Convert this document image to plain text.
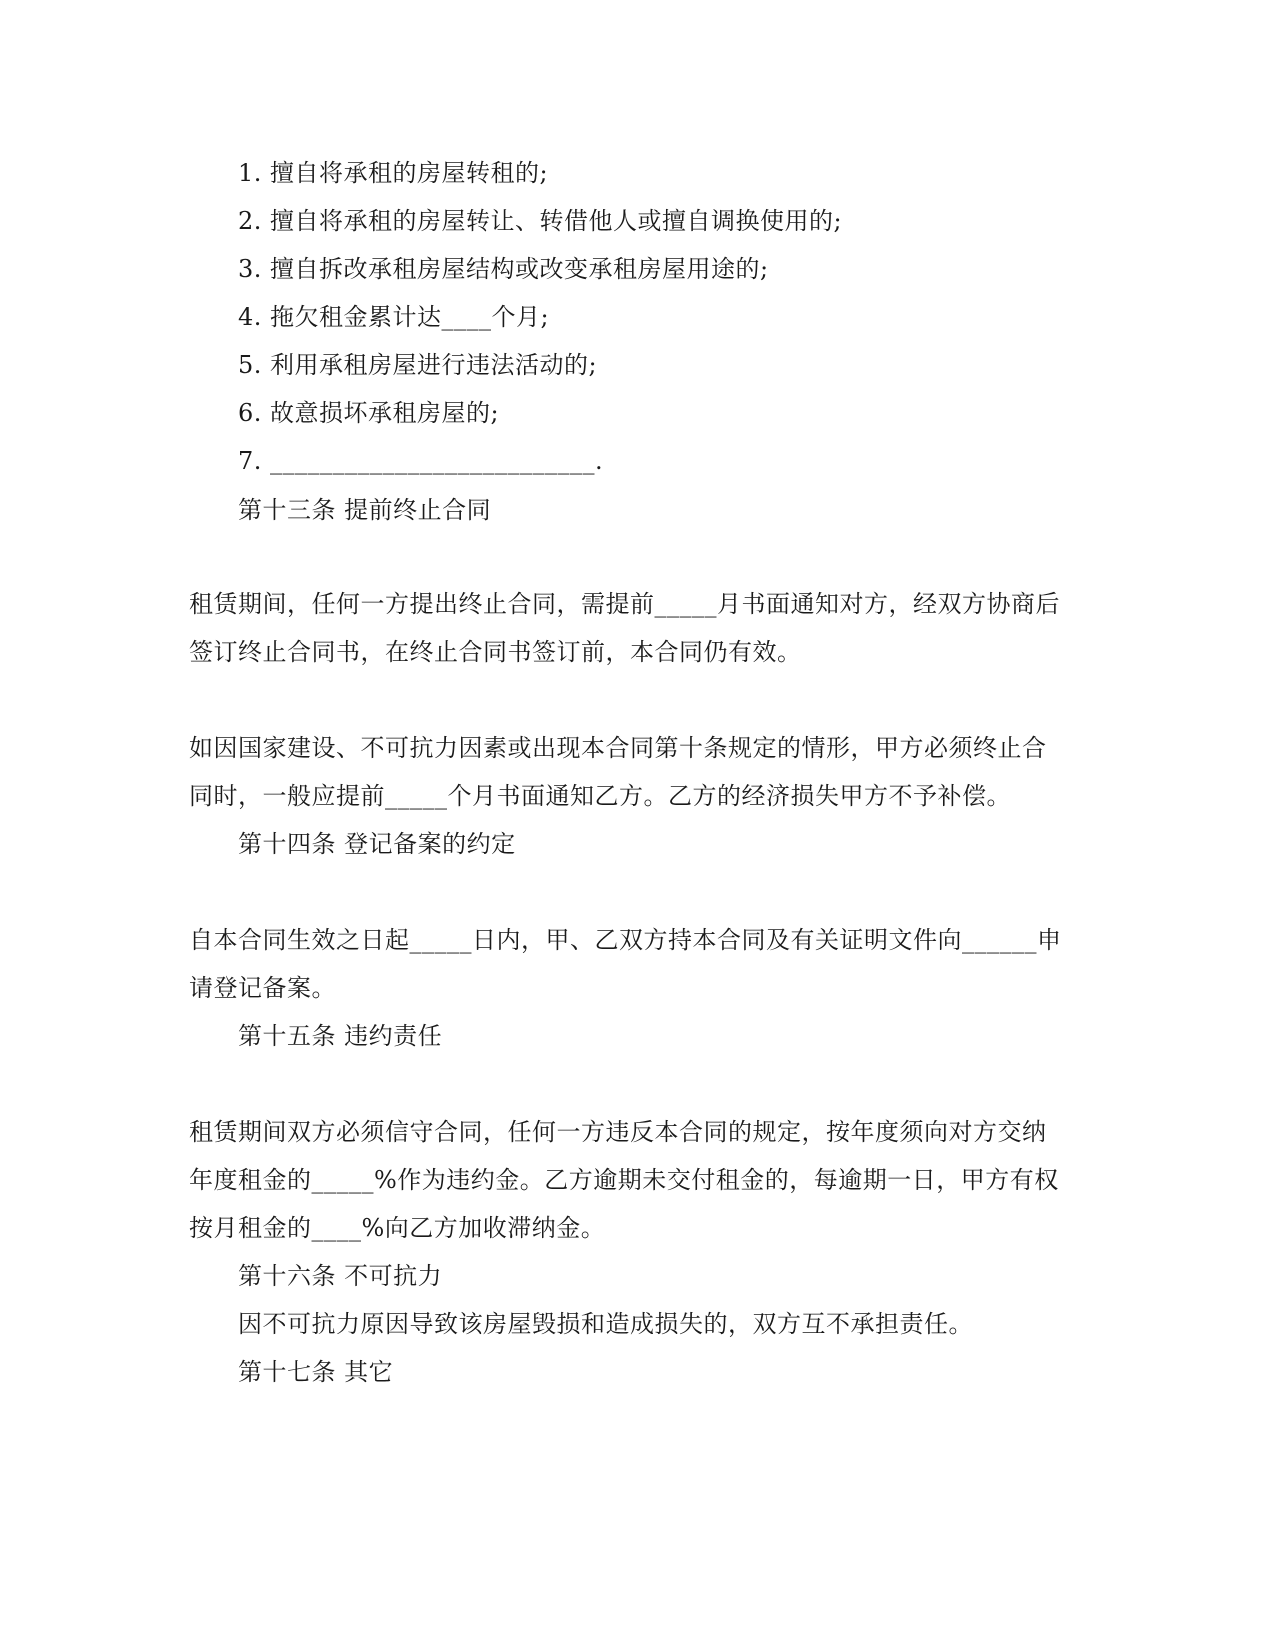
1. 擅自将承租的房屋转租的;
2. 擅自将承租的房屋转让、转借他人或擅自调换使用的;
3. 擅自拆改承租房屋结构或改变承租房屋用途的;
4. 拖欠租金累计达____个月;
5. 利用承租房屋进行违法活动的;
6. 故意损坏承租房屋的;
7. __________________________.
第十三条 提前终止合同
租赁期间，任何一方提出终止合同，需提前_____月书面通知对方，经双方协商后
签订终止合同书，在终止合同书签订前，本合同仍有效。
如因国家建设、不可抗力因素或出现本合同第十条规定的情形，甲方必须终止合
同时，一般应提前_____个月书面通知乙方。乙方的经济损失甲方不予补偿。
第十四条 登记备案的约定
自本合同生效之日起_____日内，甲、乙双方持本合同及有关证明文件向______申
请登记备案。
第十五条 违约责任
租赁期间双方必须信守合同，任何一方违反本合同的规定，按年度须向对方交纳
年度租金的_____%作为违约金。乙方逾期未交付租金的，每逾期一日，甲方有权
按月租金的____%向乙方加收滞纳金。
第十六条 不可抗力
因不可抗力原因导致该房屋毁损和造成损失的，双方互不承担责任。
第十七条 其它
